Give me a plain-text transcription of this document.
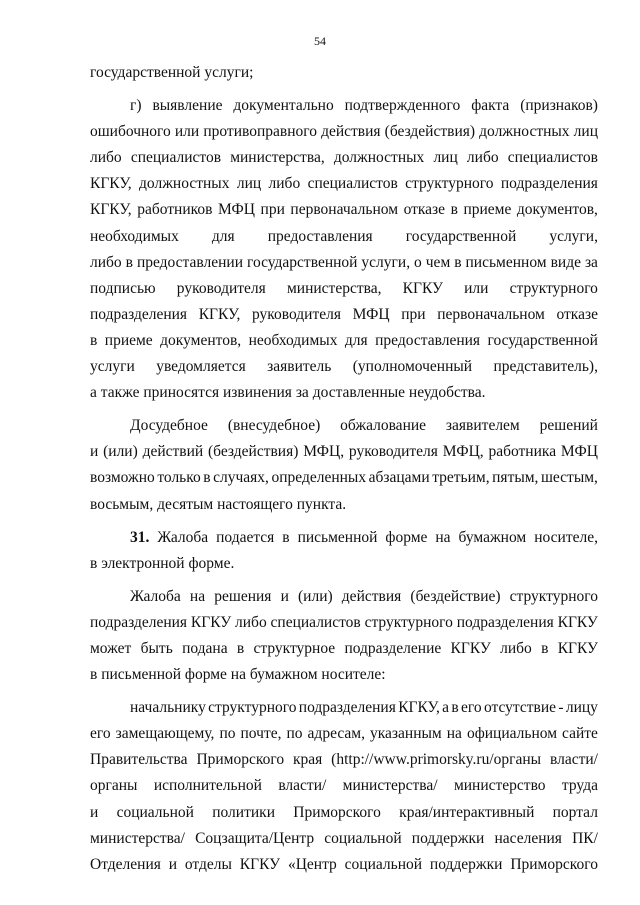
54
государственной услуги;
г) выявление документально подтвержденного факта (признаков)
ошибочного или противоправного действия (бездействия) должностных лиц
либо специалистов министерства, должностных лиц либо специалистов
КГКУ, должностных лиц либо специалистов структурного подразделения
КГКУ, работников МФЦ при первоначальном отказе в приеме документов,
необходимых для предоставления государственной услуги,
либо в предоставлении государственной услуги, о чем в письменном виде за
подписью руководителя министерства, КГКУ или структурного
подразделения КГКУ, руководителя МФЦ при первоначальном отказе
в приеме документов, необходимых для предоставления государственной
услуги уведомляется заявитель (уполномоченный представитель),
а также приносятся извинения за доставленные неудобства.
Досудебное (внесудебное) обжалование заявителем решений
и (или) действий (бездействия) МФЦ, руководителя МФЦ, работника МФЦ
возможно только в случаях, определенных абзацами третьим, пятым, шестым,
восьмым, десятым настоящего пункта.
31. Жалоба подается в письменной форме на бумажном носителе,
в электронной форме.
Жалоба на решения и (или) действия (бездействие) структурного
подразделения КГКУ либо специалистов структурного подразделения КГКУ
может быть подана в структурное подразделение КГКУ либо в КГКУ
в письменной форме на бумажном носителе:
начальнику структурного подразделения КГКУ, а в его отсутствие - лицу
его замещающему, по почте, по адресам, указанным на официальном сайте
Правительства Приморского края (http://www.primorsky.ru/органы власти/
органы исполнительной власти/ министерства/ министерство труда
и социальной политики Приморского края/интерактивный портал
министерства/ Соцзащита/Центр социальной поддержки населения ПК/
Отделения и отделы КГКУ «Центр социальной поддержки Приморского
